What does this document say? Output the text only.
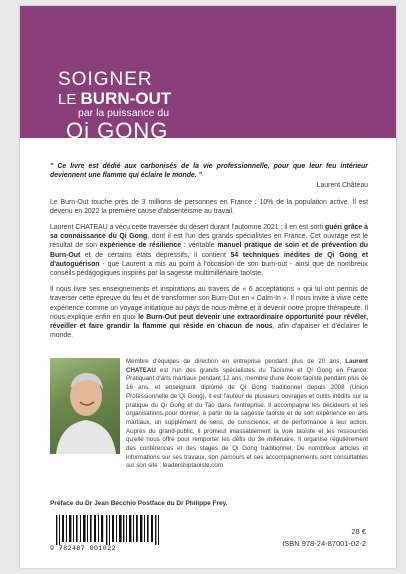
SOIGNER
LE BURN-OUT
par la puissance du
Qi GONG
" Ce livre est dédié aux carbonisés de la vie professionnelle, pour que leur feu intérieur deviennent une flamme qui éclaire le monde. "
Laurent Château

Le Burn-Out touche près de 3 millions de personnes en France : 10% de la population active. Il est devenu en 2022 la première cause d'absentéisme au travail.

Laurent CHATEAU a vécu cette traversée du désert durant l'automne 2021 : il en est sorti guéri grâce à sa connaissance du Qi Gong, dont il est l'un des grands spécialistes en France. Cet ouvrage est le résultat de son expérience de résilience : véritable manuel pratique de soin et de prévention du Burn-Out et de certains états dépressifs, il contient 54 techniques inédites de Qi Gong et d'autoguérison - que Laurent a mis au point à l'occasion de son burn-out - ainsi que de nombreux conseils pédagogiques inspirés par la sagesse multimillénaire taoïste.

Il nous livre ses enseignements et inspirations au travers de « 6 acceptations » qui lui ont permis de traverser cette épreuve du feu et de transformer son Burn-Out en « Calm-In ». Il nous invite à vivre cette expérience comme un voyage initiatique au pays de nous-même et à devenir notre propre thérapeute. Il nous explique enfin en quoi le Burn-Out peut devenir une extraordinaire opportunité pour révéler, réveiller et faire grandir la flamme qui réside en chacun de nous, afin d'apaiser et d'éclairer le monde.

Membre d'équipes de direction en entreprise pendant plus de 20 ans, Laurent CHATEAU est l'un des grands spécialistes du Taoïsme et Qi Gong en France. Pratiquant d'arts martiaux pendant 12 ans, membre d'une école taoïste pendant plus de 16 ans, et enseignant diplômé de Qi Gong traditionnel depuis 2008 (Union Professionnelle de Qi Gong), il est l'auteur de plusieurs ouvrages et outils inédits sur la pratique du Qi Gong et du Tao dans l'entreprise. Il accompagne les décideurs et les organisations pour donner, à partir de la sagesse taoïste et de son expérience en arts martiaux, un supplément de sens, de conscience, et de performance à leur action. Auprès du grand-public, il promeut inlassablement la voie taoïste et les ressources qu'elle nous offre pour remporter les défis du 3e millénaire. Il organise régulièrement des conférences et des stages de Qi Gong traditionnel. De nombreux articles et informations sur ses travaux, son parcours et ses accompagnements sont consultables sur son site : leadershiptaoiste.com

Préface du Dr Jean Becchio Postface du Dr Philippe Frey.
9 782487 001022
28 €
ISBN 978-24-87001-02-2
